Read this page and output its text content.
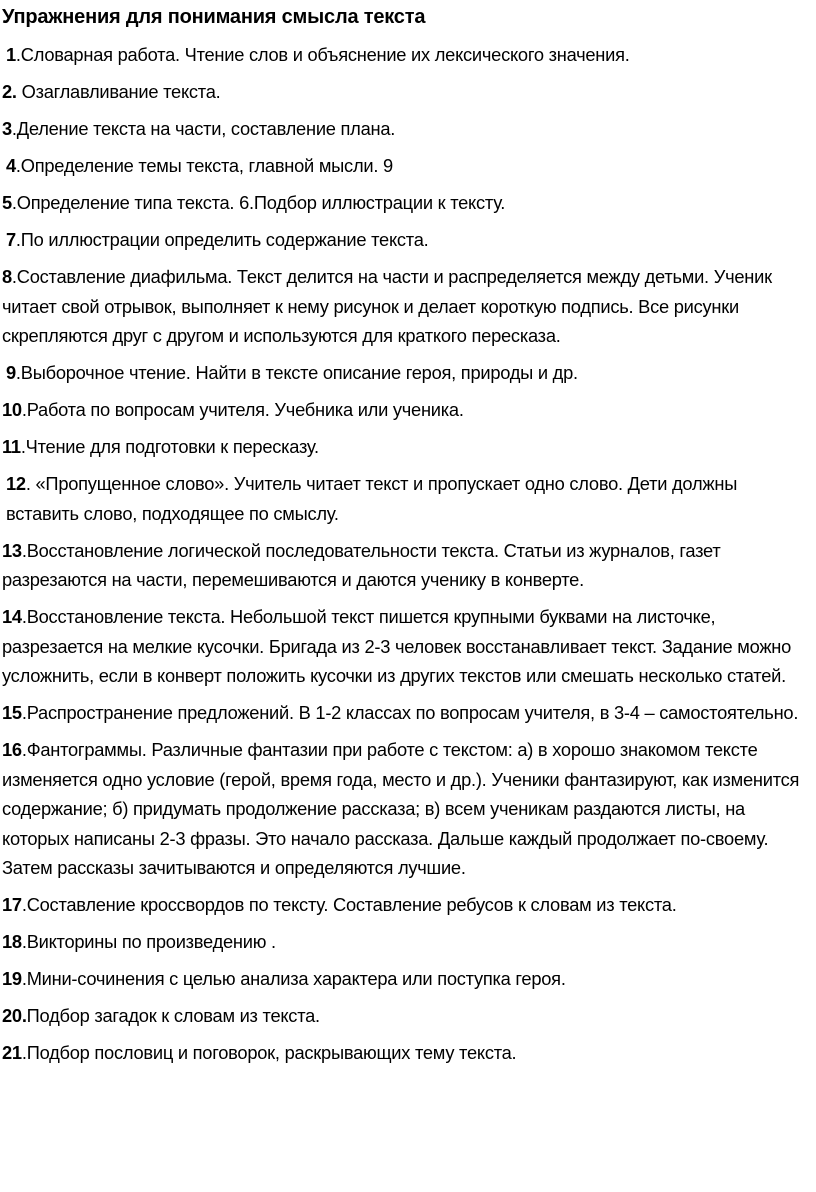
Упражнения для понимания смысла текста
1.Словарная работа. Чтение слов и объяснение их лексического значения.
2. Озаглавливание текста.
3.Деление текста на части, составление плана.
4.Определение темы текста, главной мысли. 9
5.Определение типа текста. 6.Подбор иллюстрации к тексту.
7.По иллюстрации определить содержание текста.
8.Составление диафильма. Текст делится на части и распределяется между детьми. Ученик читает свой отрывок, выполняет к нему рисунок и делает короткую подпись. Все рисунки скрепляются друг с другом и используются для краткого пересказа.
9.Выборочное чтение. Найти в тексте описание героя, природы и др.
10.Работа по вопросам учителя. Учебника или ученика.
11.Чтение для подготовки к пересказу.
12. «Пропущенное слово». Учитель читает текст и пропускает одно слово. Дети должны вставить слово, подходящее по смыслу.
13.Восстановление логической последовательности текста. Статьи из журналов, газет разрезаются на части, перемешиваются и даются ученику в конверте.
14.Восстановление текста. Небольшой текст пишется крупными буквами на листочке, разрезается на мелкие кусочки. Бригада из 2-3 человек восстанавливает текст. Задание можно усложнить, если в конверт положить кусочки из других текстов или смешать несколько статей.
15.Распространение предложений. В 1-2 классах по вопросам учителя, в 3-4 – самостоятельно.
16.Фантограммы. Различные фантазии при работе с текстом: а) в хорошо знакомом тексте изменяется одно условие (герой, время года, место и др.). Ученики фантазируют, как изменится содержание; б) придумать продолжение рассказа; в) всем ученикам раздаются листы, на которых написаны 2-3 фразы. Это начало рассказа. Дальше каждый продолжает по-своему. Затем рассказы зачитываются и определяются лучшие.
17.Составление кроссвордов по тексту. Составление ребусов к словам из текста.
18.Викторины по произведению .
19.Мини-сочинения с целью анализа характера или поступка героя.
20.Подбор загадок к словам из текста.
21.Подбор пословиц и поговорок, раскрывающих тему текста.
